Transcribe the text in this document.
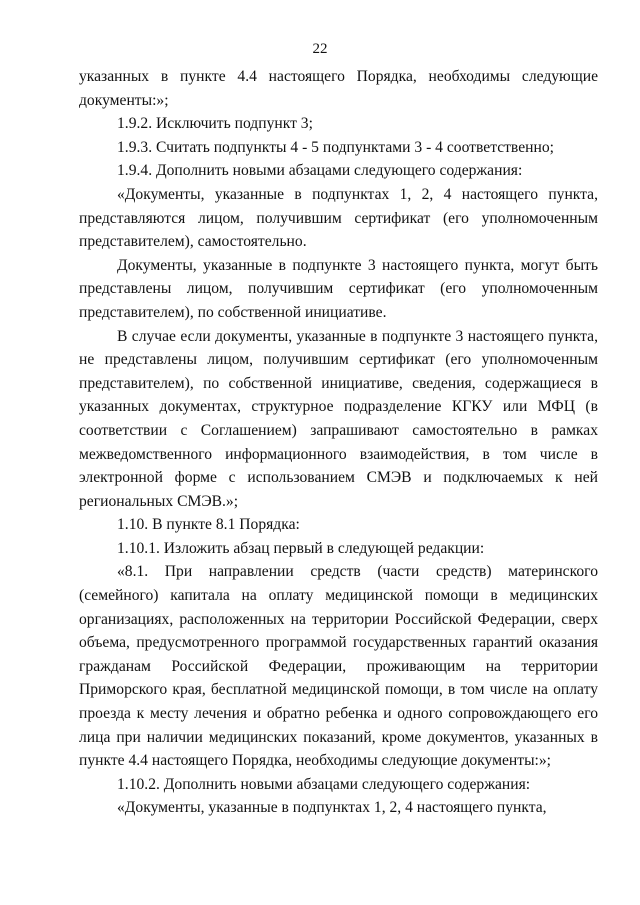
22

указанных в пункте 4.4 настоящего Порядка, необходимы следующие документы:»;

1.9.2. Исключить подпункт 3;

1.9.3. Считать подпункты 4 - 5 подпунктами 3 - 4 соответственно;

1.9.4. Дополнить новыми абзацами следующего содержания:

«Документы, указанные в подпунктах 1, 2, 4 настоящего пункта, представляются лицом, получившим сертификат (его уполномоченным представителем), самостоятельно.

Документы, указанные в подпункте 3 настоящего пункта, могут быть представлены лицом, получившим сертификат (его уполномоченным представителем), по собственной инициативе.

В случае если документы, указанные в подпункте 3 настоящего пункта, не представлены лицом, получившим сертификат (его уполномоченным представителем), по собственной инициативе, сведения, содержащиеся в указанных документах, структурное подразделение КГКУ или МФЦ (в соответствии с Соглашением) запрашивают самостоятельно в рамках межведомственного информационного взаимодействия, в том числе в электронной форме с использованием СМЭВ и подключаемых к ней региональных СМЭВ.»;

1.10. В пункте 8.1 Порядка:

1.10.1. Изложить абзац первый в следующей редакции:

«8.1. При направлении средств (части средств) материнского (семейного) капитала на оплату медицинской помощи в медицинских организациях, расположенных на территории Российской Федерации, сверх объема, предусмотренного программой государственных гарантий оказания гражданам Российской Федерации, проживающим на территории Приморского края, бесплатной медицинской помощи, в том числе на оплату проезда к месту лечения и обратно ребенка и одного сопровождающего его лица при наличии медицинских показаний, кроме документов, указанных в пункте 4.4 настоящего Порядка, необходимы следующие документы:»;

1.10.2. Дополнить новыми абзацами следующего содержания:

«Документы, указанные в подпунктах 1, 2, 4 настоящего пункта,
